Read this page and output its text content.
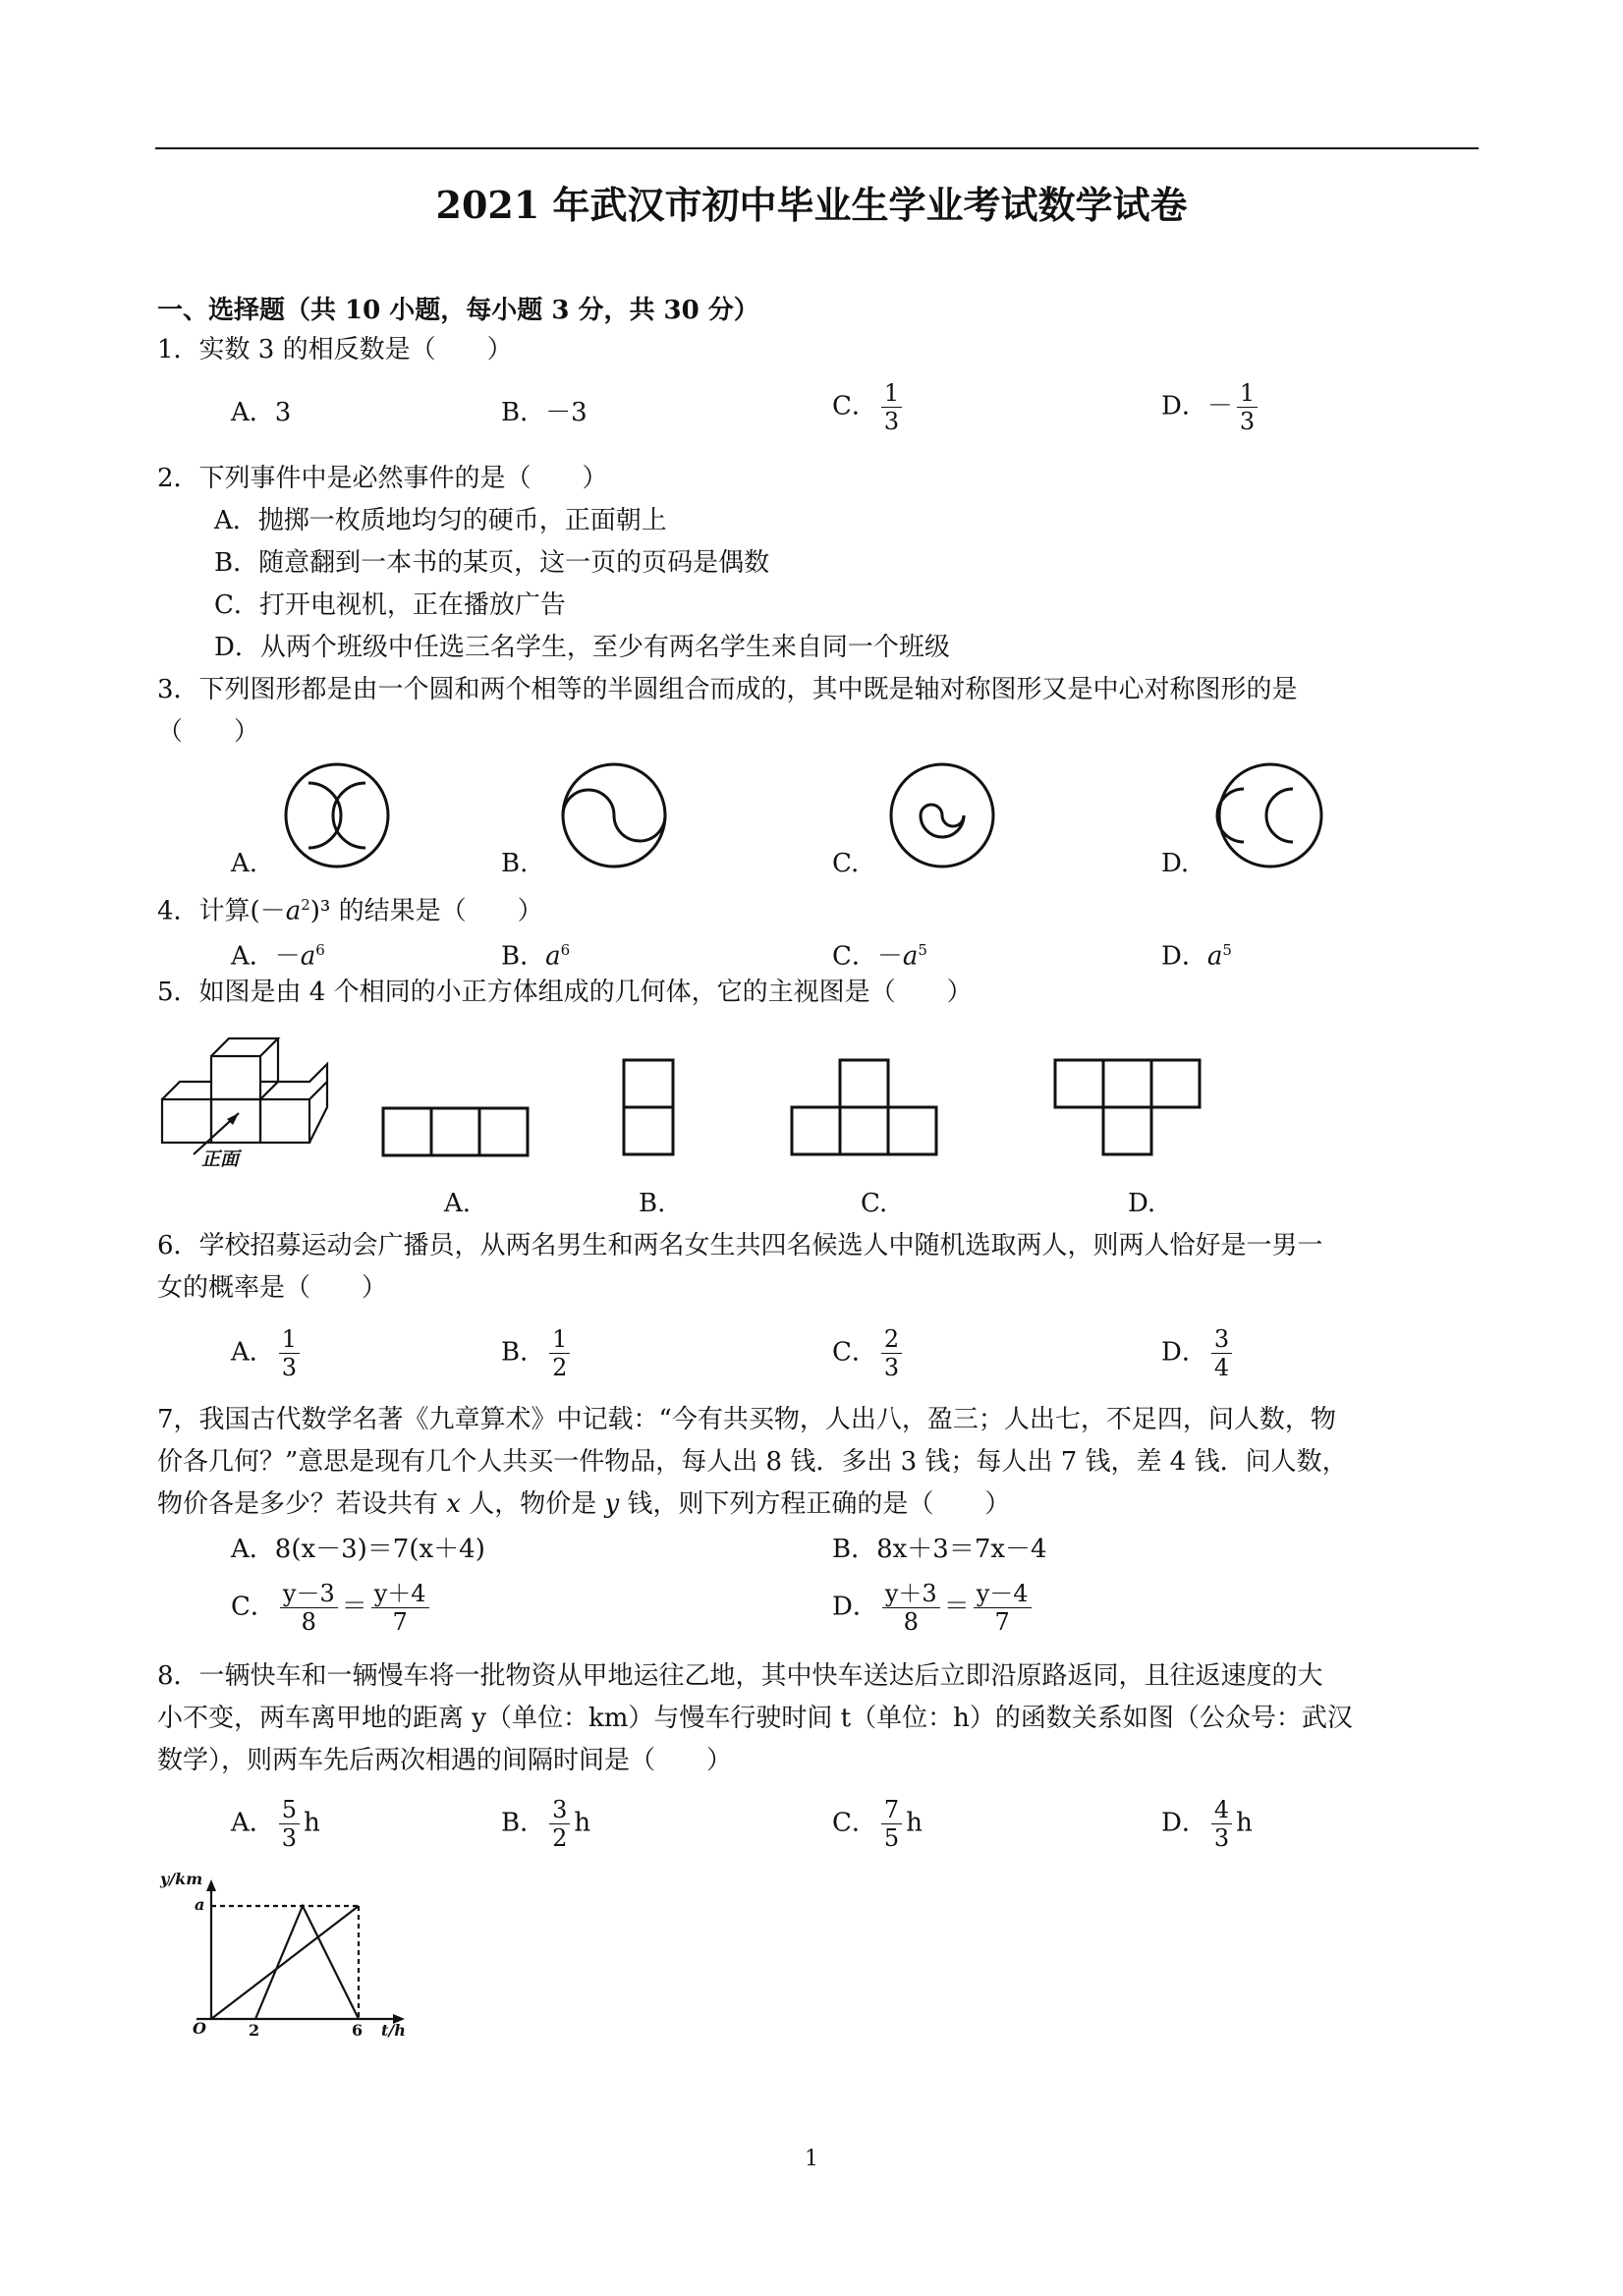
2021 年武汉市初中毕业生学业考试数学试卷
一、选择题（共 10 小题，每小题 3 分，共 30 分）
1．实数 3 的相反数是（　　）
A．3	B．－3	C． $\frac{1}{3}$	D．－ $\frac{1}{3}$
2．下列事件中是必然事件的是（　　）
A．抛掷一枚质地均匀的硬币，正面朝上
B．随意翻到一本书的某页，这一页的页码是偶数
C．打开电视机，正在播放广告
D．从两个班级中任选三名学生，至少有两名学生来自同一个班级
3．下列图形都是由一个圆和两个相等的半圆组合而成的，其中既是轴对称图形又是中心对称图形的是
（　　）
A.	B.	C.	D.
4．计算$(-a^2)^3$ 的结果是（　　）
A．$-a^6$	B．$a^6$	C．$-a^5$	D．$a^5$
5．如图是由 4 个相同的小正方体组成的几何体，它的主视图是（　　）
正面
A.	B.	C.	D.
6．学校招募运动会广播员，从两名男生和两名女生共四名候选人中随机选取两人，则两人恰好是一男一
女的概率是（　　）
A． $\frac{1}{3}$	B． $\frac{1}{2}$	C． $\frac{2}{3}$	D． $\frac{3}{4}$
7，我国古代数学名著《九章算术》中记载：“今有共买物，人出八，盈三；人出七，不足四，问人数，物
价各几何？”意思是现有几个人共买一件物品，每人出 8 钱．多出 3 钱；每人出 7 钱，差 4 钱．问人数，
物价各是多少？若设共有 x 人，物价是 y 钱，则下列方程正确的是（　　）
A．8(x－3)＝7(x＋4)	B．8x＋3＝7x－4
C． $\frac{y-3}{8} = \frac{y+4}{7}$	D． $\frac{y+3}{8} = \frac{y-4}{7}$
8．一辆快车和一辆慢车将一批物资从甲地运往乙地，其中快车送达后立即沿原路返同，且往返速度的大
小不变，两车离甲地的距离 y（单位：km）与慢车行驶时间 t（单位：h）的函数关系如图（公众号：武汉
数学），则两车先后两次相遇的间隔时间是（　　）
A． $\frac{5}{3}$ h	B． $\frac{3}{2}$ h	C． $\frac{7}{5}$ h	D． $\frac{4}{3}$ h
y/km
a
O	2	6 t/h
1
